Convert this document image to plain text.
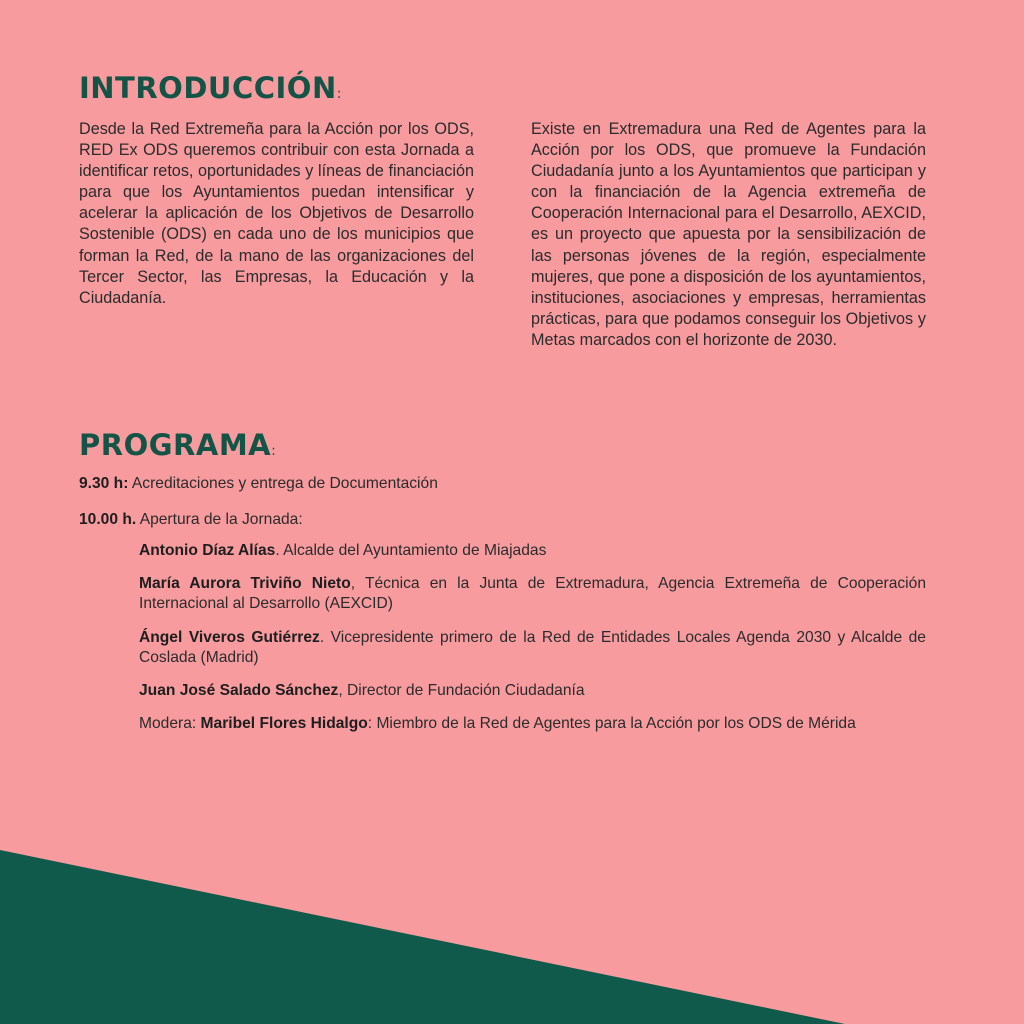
INTRODUCCIÓN:

Desde la Red Extremeña para la Acción por los ODS, RED Ex ODS queremos contribuir con esta Jornada a identificar retos, oportunidades y líneas de financiación para que los Ayuntamientos puedan intensificar y acelerar la aplicación de los Objetivos de Desarrollo Sostenible (ODS) en cada uno de los municipios que forman la Red, de la mano de las organizaciones del Tercer Sector, las Empresas, la Educación y la Ciudadanía.

Existe en Extremadura una Red de Agentes para la Acción por los ODS, que promueve la Fundación Ciudadanía junto a los Ayuntamientos que participan y con la financiación de la Agencia extremeña de Cooperación Internacional para el Desarrollo, AEXCID, es un proyecto que apuesta por la sensibilización de las personas jóvenes de la región, especialmente mujeres, que pone a disposición de los ayuntamientos, instituciones, asociaciones y empresas, herramientas prácticas, para que podamos conseguir los Objetivos y Metas marcados con el horizonte de 2030.

PROGRAMA:

9.30 h: Acreditaciones y entrega de Documentación

10.00 h. Apertura de la Jornada:

Antonio Díaz Alías. Alcalde del Ayuntamiento de Miajadas

María Aurora Triviño Nieto, Técnica en la Junta de Extremadura, Agencia Extremeña de Cooperación Internacional al Desarrollo (AEXCID)

Ángel Viveros Gutiérrez. Vicepresidente primero de la Red de Entidades Locales Agenda 2030 y Alcalde de Coslada (Madrid)

Juan José Salado Sánchez, Director de Fundación Ciudadanía

Modera: Maribel Flores Hidalgo: Miembro de la Red de Agentes para la Acción por los ODS de Mérida
